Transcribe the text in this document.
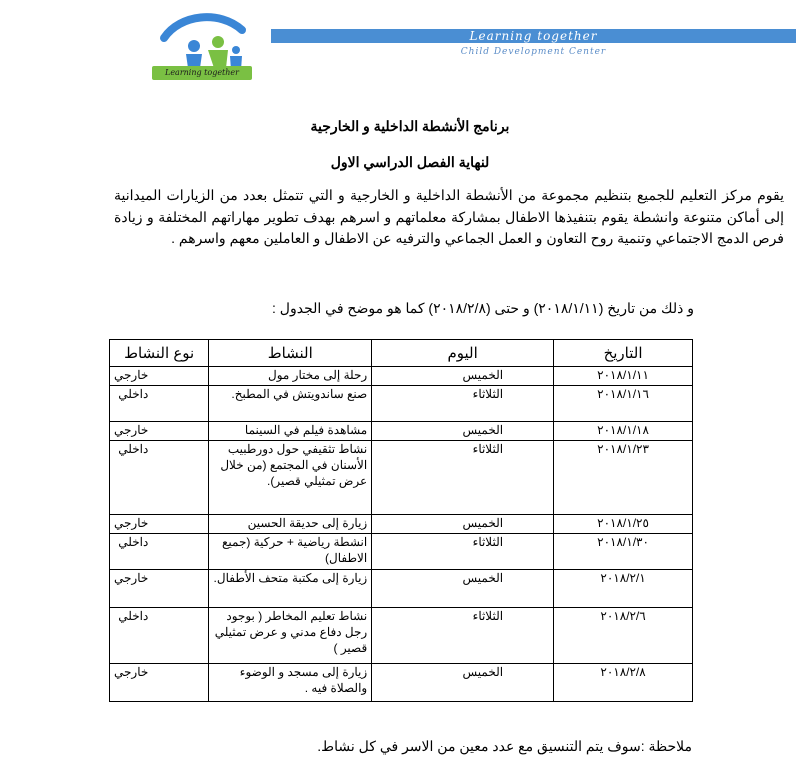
Learning together
Learning together
Child Development Center
برنامج الأنشطة الداخلية و الخارجية
لنهاية الفصل الدراسي الاول
يقوم مركز التعليم للجميع بتنظيم مجموعة من الأنشطة الداخلية و الخارجية و التي تتمثل بعدد من الزيارات الميدانية إلى أماكن متنوعة وانشطة يقوم بتنفيذها الاطفال بمشاركة معلماتهم و اسرهم بهدف تطوير مهاراتهم المختلفة و زيادة فرص الدمج الاجتماعي وتنمية روح التعاون و العمل الجماعي والترفيه عن الاطفال و العاملين معهم واسرهم .
و ذلك من تاريخ (٢٠١٨/١/١١) و حتى (٢٠١٨/٢/٨) كما هو موضح في الجدول :
التاريخ	اليوم	النشاط	نوع النشاط
٢٠١٨/١/١١	الخميس	رحلة إلى مختار مول	خارجي
٢٠١٨/١/١٦	الثلاثاء	صنع ساندويتش في المطبخ.	داخلي
٢٠١٨/١/١٨	الخميس	مشاهدة فيلم في السينما	خارجي
٢٠١٨/١/٢٣	الثلاثاء	نشاط تثقيفي حول دورطبيب الأسنان في المجتمع (من خلال عرض تمثيلي قصير).	داخلي
٢٠١٨/١/٢٥	الخميس	زيارة إلى حديقة الحسين	خارجي
٢٠١٨/١/٣٠	الثلاثاء	انشطة رياضية + حركية (جميع الاطفال)	داخلي
٢٠١٨/٢/١	الخميس	زيارة إلى مكتبة متحف الأطفال.	خارجي
٢٠١٨/٢/٦	الثلاثاء	نشاط تعليم المخاطر ( بوجود رجل دفاع مدني و عرض تمثيلي قصير )	داخلي
٢٠١٨/٢/٨	الخميس	زيارة إلى مسجد و الوضوء والصلاة فيه .	خارجي
ملاحظة :سوف يتم التنسيق مع عدد معين من الاسر في كل نشاط.
